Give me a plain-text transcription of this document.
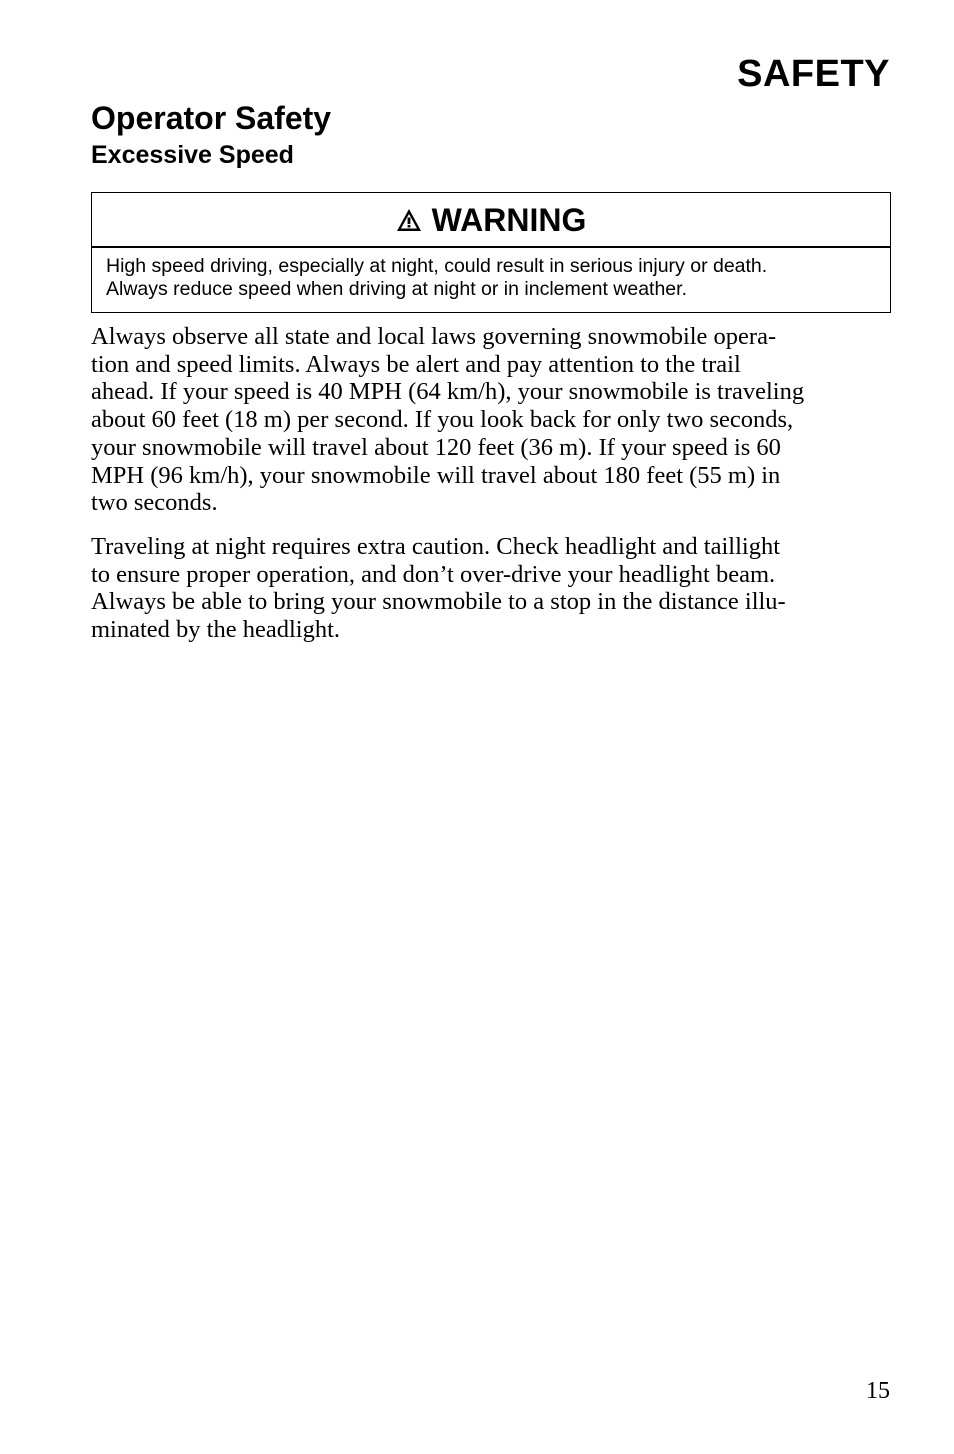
SAFETY
Operator Safety
Excessive Speed
WARNING
High speed driving, especially at night, could result in serious injury or death.
Always reduce speed when driving at night or in inclement weather.

Always observe all state and local laws governing snowmobile opera-
tion and speed limits. Always be alert and pay attention to the trail
ahead. If your speed is 40 MPH (64 km/h), your snowmobile is traveling
about 60 feet (18 m) per second. If you look back for only two seconds,
your snowmobile will travel about 120 feet (36 m). If your speed is 60
MPH (96 km/h), your snowmobile will travel about 180 feet (55 m) in
two seconds.

Traveling at night requires extra caution. Check headlight and taillight
to ensure proper operation, and don’t over-drive your headlight beam.
Always be able to bring your snowmobile to a stop in the distance illu-
minated by the headlight.

15
